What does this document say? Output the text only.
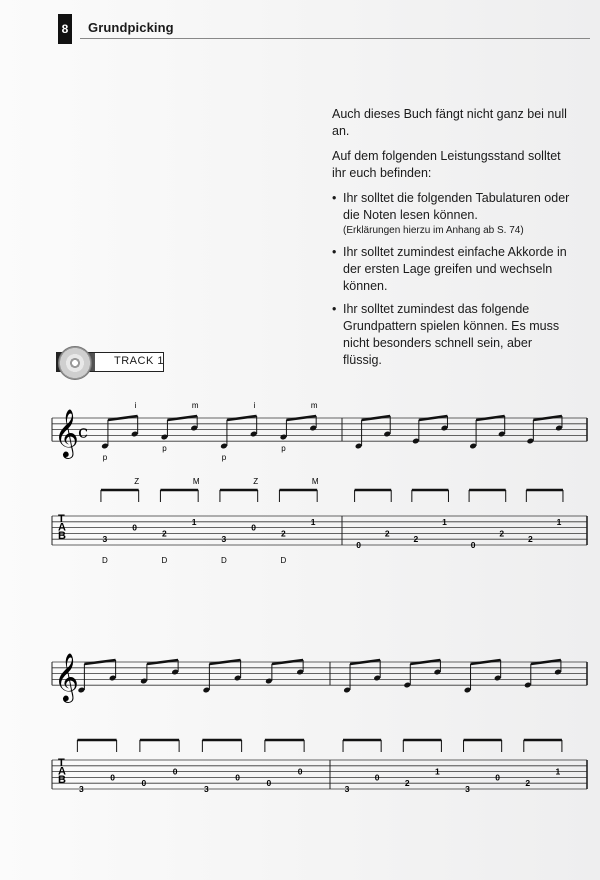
8 Grundpicking

Auch dieses Buch fängt nicht ganz bei null an.

Auf dem folgenden Leistungsstand solltet ihr euch befinden:

• Ihr solltet die folgenden Tabulaturen oder die Noten lesen können.
(Erklärungen hierzu im Anhang ab S. 74)
• Ihr solltet zumindest einfache Akkorde in der ersten Lage greifen und wechseln können.
• Ihr solltet zumindest das folgende Grundpattern spielen können. Es muss nicht besonders schnell sein, aber flüssig.
TRACK 1
𝄞 c
T
A
B
i
p
Z
D
m
p
M
D
i
p
Z
D
m
p
M
D
3
0
2
1
3
0
2
1
0
2
2
1
0
2
2
1
𝄞
T
A
B
3
0
0
0
3
0
0
0
3
0
2
1
3
0
2
1
